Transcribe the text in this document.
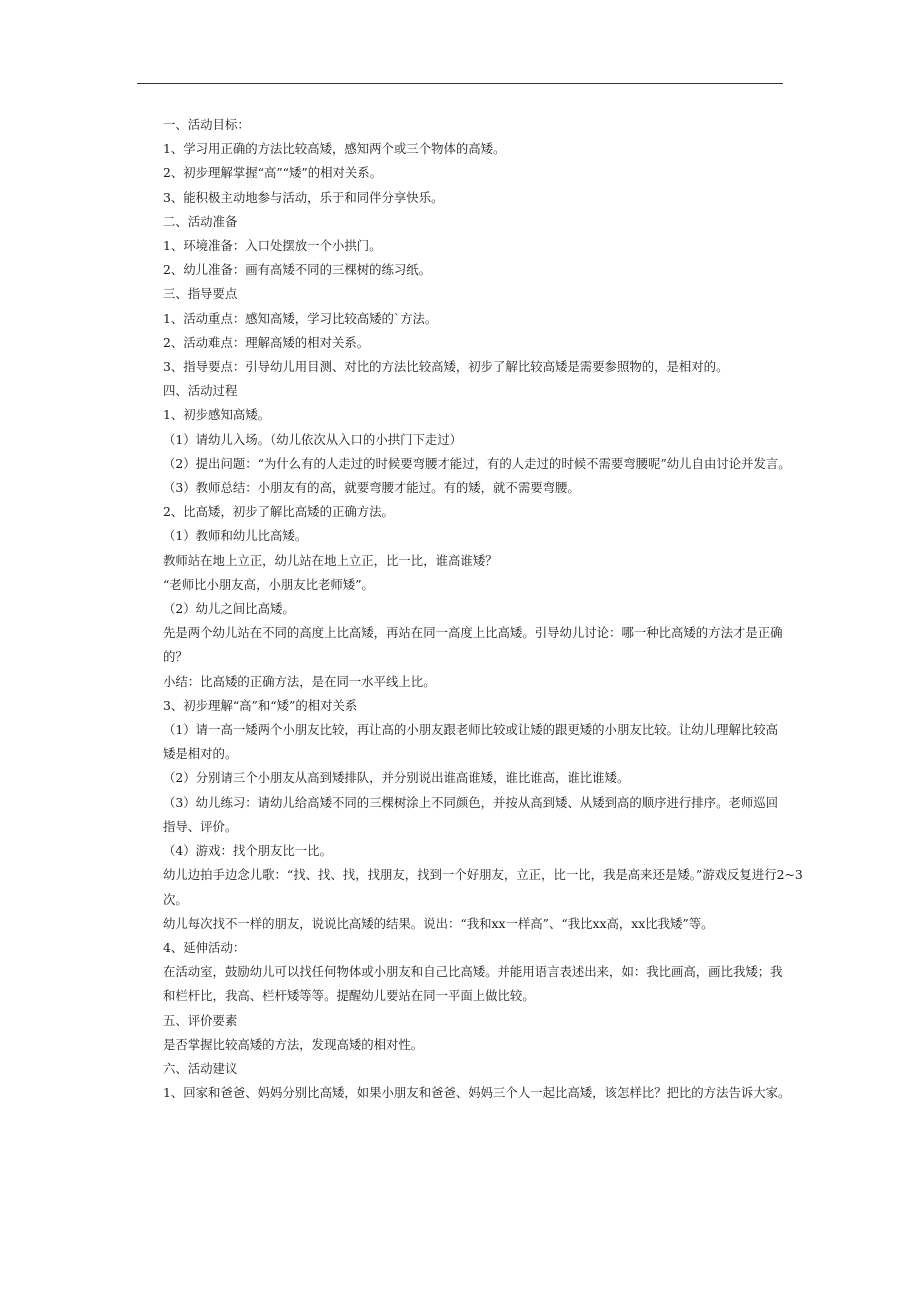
一、活动目标：
1、学习用正确的方法比较高矮，感知两个或三个物体的高矮。
2、初步理解掌握“高”“矮”的相对关系。
3、能积极主动地参与活动，乐于和同伴分享快乐。
二、活动准备
1、环境准备：入口处摆放一个小拱门。
2、幼儿准备：画有高矮不同的三棵树的练习纸。
三、指导要点
1、活动重点：感知高矮，学习比较高矮的`方法。
2、活动难点：理解高矮的相对关系。
3、指导要点：引导幼儿用目测、对比的方法比较高矮，初步了解比较高矮是需要参照物的，是相对的。
四、活动过程
1、初步感知高矮。
（1）请幼儿入场。（幼儿依次从入口的小拱门下走过）
（2）提出问题：“为什么有的人走过的时候要弯腰才能过，有的人走过的时候不需要弯腰呢”幼儿自由讨论并发言。
（3）教师总结：小朋友有的高，就要弯腰才能过。有的矮，就不需要弯腰。
2、比高矮，初步了解比高矮的正确方法。
（1）教师和幼儿比高矮。
教师站在地上立正，幼儿站在地上立正，比一比，谁高谁矮？
“老师比小朋友高，小朋友比老师矮”。
（2）幼儿之间比高矮。
先是两个幼儿站在不同的高度上比高矮，再站在同一高度上比高矮。引导幼儿讨论：哪一种比高矮的方法才是正确
的？
小结：比高矮的正确方法，是在同一水平线上比。
3、初步理解“高”和“矮”的相对关系
（1）请一高一矮两个小朋友比较，再让高的小朋友跟老师比较或让矮的跟更矮的小朋友比较。让幼儿理解比较高
矮是相对的。
（2）分别请三个小朋友从高到矮排队，并分别说出谁高谁矮，谁比谁高，谁比谁矮。
（3）幼儿练习：请幼儿给高矮不同的三棵树涂上不同颜色，并按从高到矮、从矮到高的顺序进行排序。老师巡回
指导、评价。
（4）游戏：找个朋友比一比。
幼儿边拍手边念儿歌：“找、找、找，找朋友，找到一个好朋友，立正，比一比，我是高来还是矮。”游戏反复进行2~3
次。
幼儿每次找不一样的朋友，说说比高矮的结果。说出：“我和xx一样高”、“我比xx高，xx比我矮”等。
4、延伸活动：
在活动室，鼓励幼儿可以找任何物体或小朋友和自己比高矮。并能用语言表述出来，如：我比画高，画比我矮；我
和栏杆比，我高、栏杆矮等等。提醒幼儿要站在同一平面上做比较。
五、评价要素
是否掌握比较高矮的方法，发现高矮的相对性。
六、活动建议
1、回家和爸爸、妈妈分别比高矮，如果小朋友和爸爸、妈妈三个人一起比高矮，该怎样比？把比的方法告诉大家。
